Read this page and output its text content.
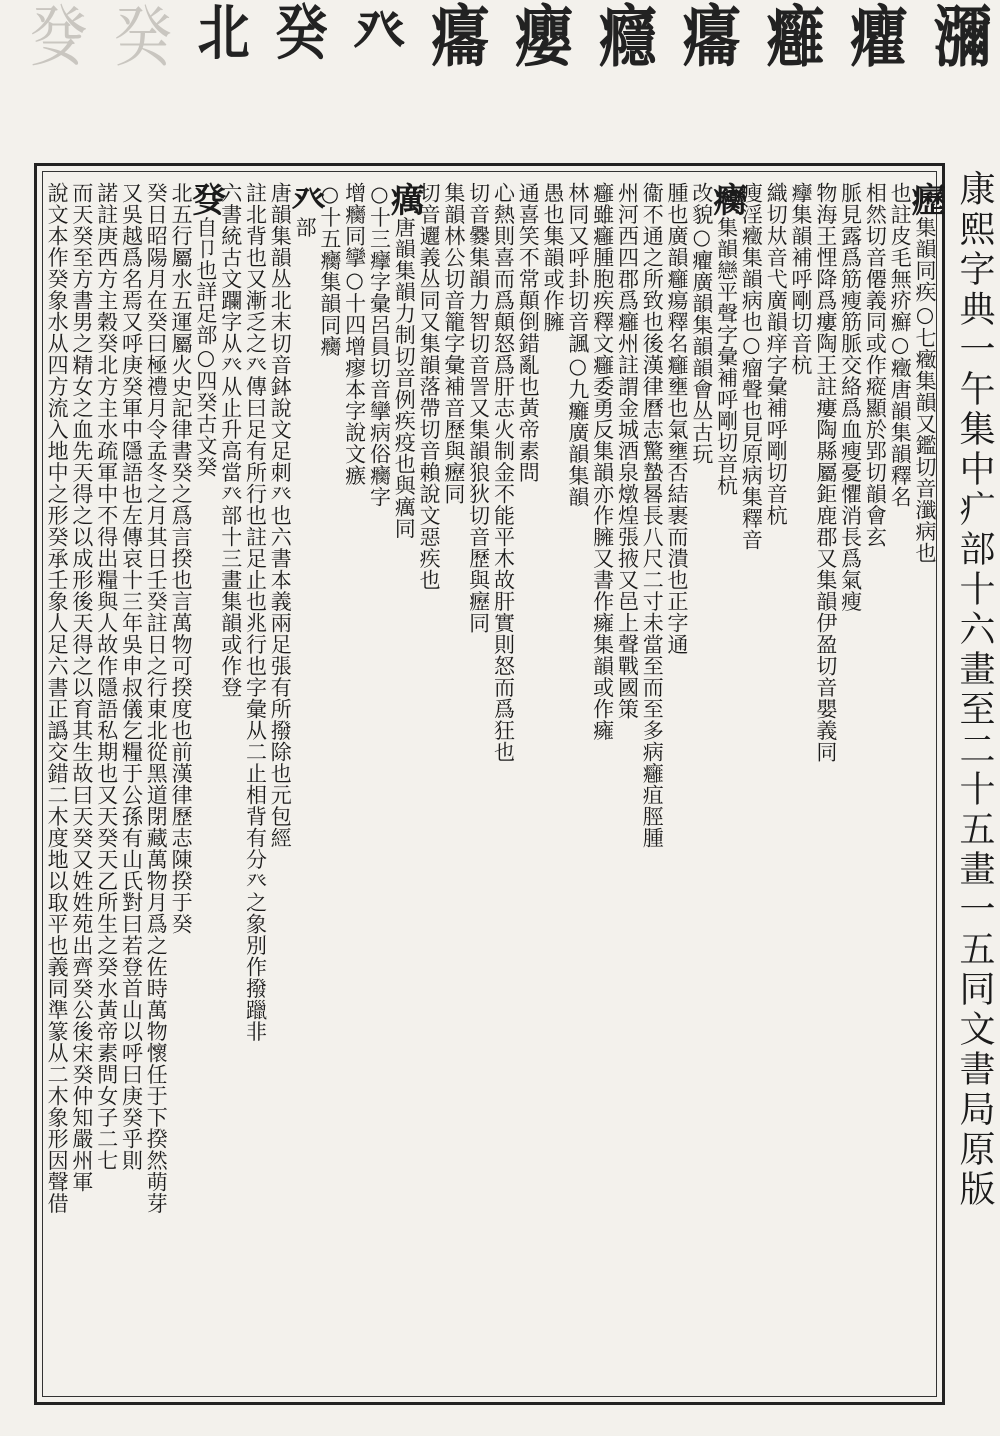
瀰
癯
癰
癟
癮
癭
癟
癶
癸
北
癸
癹
康熙字典一午集中疒部十六畫至二十五畫一五同文書局原版
癧集韻同疾○七癥集韻又鑑切音瀸病也
也註皮毛無疥癬○癥唐韻集韻釋名
相然切音僊義同或作瘲顯於郢切韻會玄
脈見露爲筋瘦筋脈交絡爲血瘦憂懼消長爲氣瘦
物海王悝降爲瘻陶王註瘻陶縣屬鉅鹿郡又集韻伊盈切音嬰義同
癴集韻補呼剛切音杭
織切夶音弋廣韻痒字彙補呼剛切音杭
瘦淫癥集韻病也○瘤聲也見原病集釋音
癵集韻戀平聲字彙補呼剛切音杭
改貌○癯廣韻集韻韻會丛古玩
腫也廣韻癰瘍釋名癰壅也氣壅否結裹而潰也正字通
衞不通之所致也後漢律曆志驚蟄晷長八尺二寸未當至而至多病癰疽脛腫
州河西四郡爲癰州註謂金城酒泉燉煌張掖又邑上聲戰國策
癰雖癰腫胞疾釋文癰委勇反集韻亦作臃又書作癕集韻或作癕
林同又呼卦切音諷○九癱廣韻集韻
愚也集韻或作臃
通喜笑不常顛倒錯亂也黃帝素問
心熱則喜而爲顛怒爲肝志火制金不能平木故肝實則怒而爲狂也
切音爨集韻力智切音詈又集韻狼狄切音歷與癧同
集韻林公切音籠字彙補音歷與癧同
切音邐義丛同又集韻落帶切音賴說文惡疾也
癘唐韻集韻力制切音例疾疫也與癘同
○十三癴字彙呂員切音攣病俗癵字
增癵同攣○十四增瘳本字說文瘯
○十五癵集韻同癵
癶部
唐韻集韻丛北末切音鉢說文足刺癶也六書本義兩足張有所撥除也元包經
註北背也又漸乏之癶傳曰足有所行也註足止也兆行也字彙从二止相背有分癶之象別作撥躐非
六書統古文躝字从癶从止升高當癶部十三畫集韻或作登
癹自卩也詳足部○四癸古文癸
北五行屬水五運屬火史記律書癸之爲言揆也言萬物可揆度也前漢律歷志陳揆于癸
癸日昭陽月在癸曰極禮月令孟冬之月其日壬癸註日之行東北從黑道閉藏萬物月爲之佐時萬物懷任于下揆然萌芽
又吳越爲名焉又呼庚癸軍中隱語也左傳哀十三年吳申叔儀乞糧于公孫有山氏對曰若登首山以呼曰庚癸乎則
諾註庚西方主穀癸北方主水疏軍中不得出糧與人故作隱語私期也又天癸天乙所生之癸水黃帝素問女子二七
而天癸至方書男之精女之血先天得之以成形後天得之以育其生故曰天癸又姓姓苑出齊癸公後宋癸仲知嚴州軍
說文本作癸象水从四方流入地中之形癸承壬象人足六書正譌交錯二木度地以取平也義同準篆从二木象形因聲借
